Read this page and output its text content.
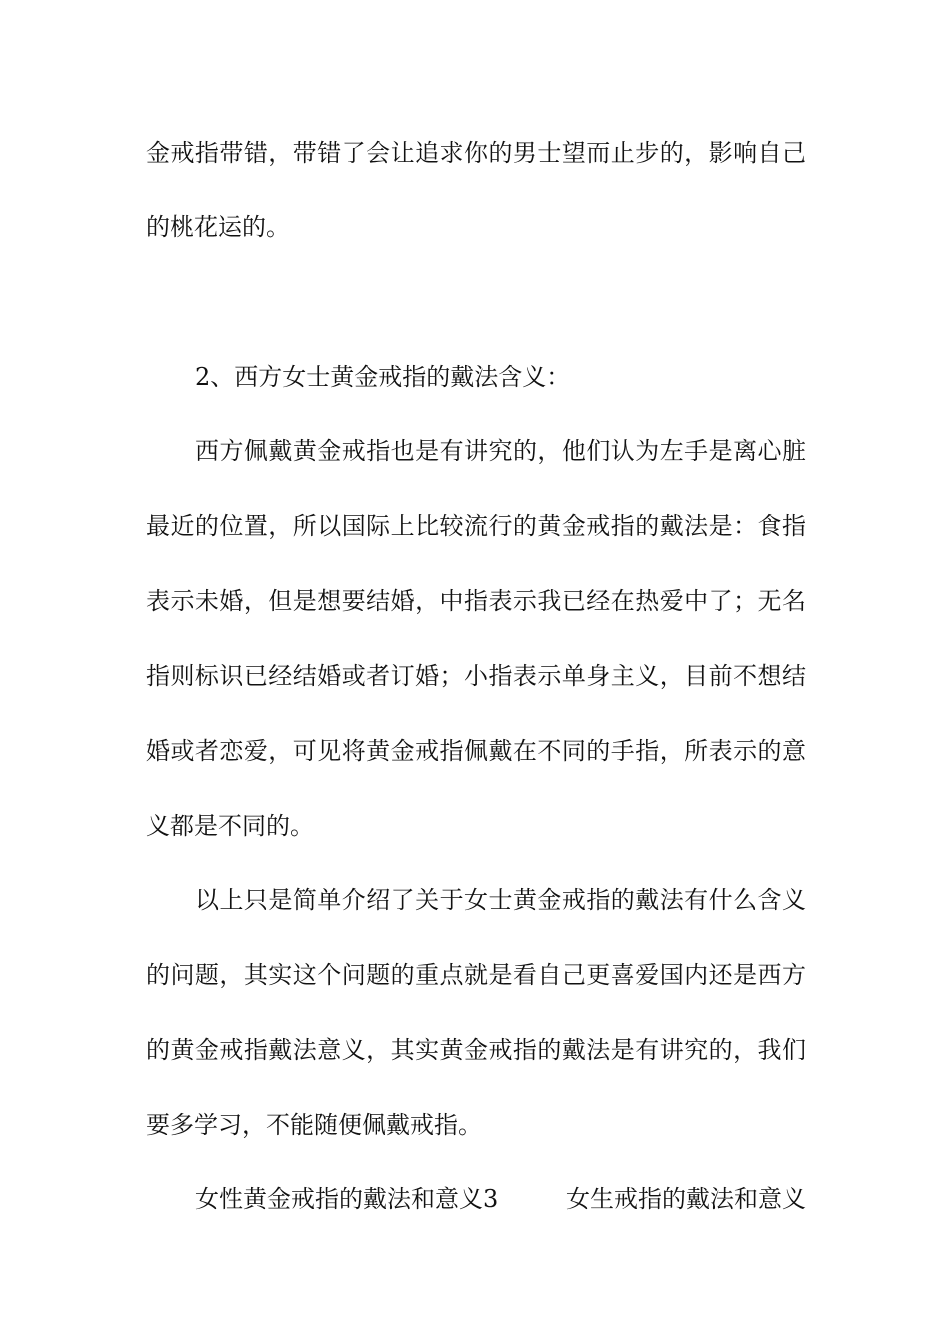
金戒指带错，带错了会让追求你的男士望而止步的，影响自己
的桃花运的。
2、西方女士黄金戒指的戴法含义：
西方佩戴黄金戒指也是有讲究的，他们认为左手是离心脏
最近的位置，所以国际上比较流行的黄金戒指的戴法是：食指
表示未婚，但是想要结婚，中指表示我已经在热爱中了；无名
指则标识已经结婚或者订婚；小指表示单身主义，目前不想结
婚或者恋爱，可见将黄金戒指佩戴在不同的手指，所表示的意
义都是不同的。
以上只是简单介绍了关于女士黄金戒指的戴法有什么含义
的问题，其实这个问题的重点就是看自己更喜爱国内还是西方
的黄金戒指戴法意义，其实黄金戒指的戴法是有讲究的，我们
要多学习，不能随便佩戴戒指。
女性黄金戒指的戴法和意义3	女生戒指的戴法和意义
